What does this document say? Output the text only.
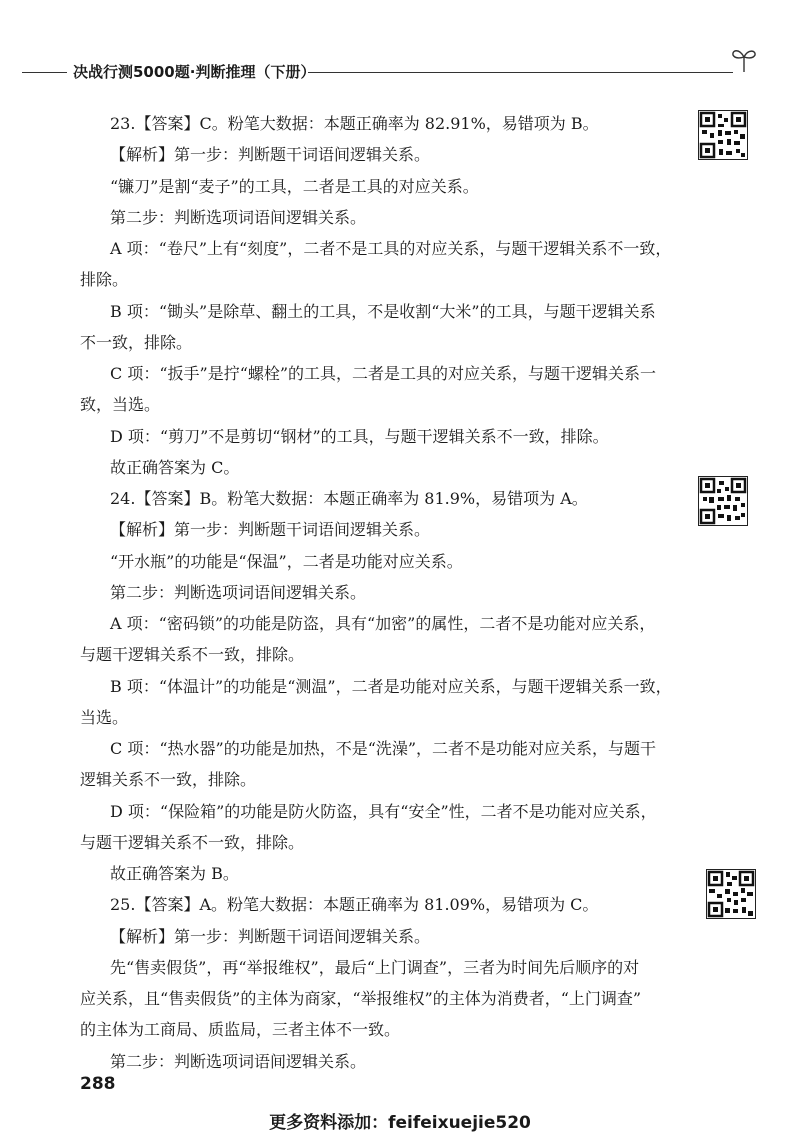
决战行测5000题·判断推理（下册）
23.【答案】C。粉笔大数据：本题正确率为 82.91%，易错项为 B。
【解析】第一步：判断题干词语间逻辑关系。
“镰刀”是割“麦子”的工具，二者是工具的对应关系。
第二步：判断选项词语间逻辑关系。
A 项：“卷尺”上有“刻度”，二者不是工具的对应关系，与题干逻辑关系不一致，
排除。
B 项：“锄头”是除草、翻土的工具，不是收割“大米”的工具，与题干逻辑关系
不一致，排除。
C 项：“扳手”是拧“螺栓”的工具，二者是工具的对应关系，与题干逻辑关系一
致，当选。
D 项：“剪刀”不是剪切“钢材”的工具，与题干逻辑关系不一致，排除。
故正确答案为 C。
24.【答案】B。粉笔大数据：本题正确率为 81.9%，易错项为 A。
【解析】第一步：判断题干词语间逻辑关系。
“开水瓶”的功能是“保温”，二者是功能对应关系。
第二步：判断选项词语间逻辑关系。
A 项：“密码锁”的功能是防盗，具有“加密”的属性，二者不是功能对应关系，
与题干逻辑关系不一致，排除。
B 项：“体温计”的功能是“测温”，二者是功能对应关系，与题干逻辑关系一致，
当选。
C 项：“热水器”的功能是加热，不是“洗澡”，二者不是功能对应关系，与题干
逻辑关系不一致，排除。
D 项：“保险箱”的功能是防火防盗，具有“安全”性，二者不是功能对应关系，
与题干逻辑关系不一致，排除。
故正确答案为 B。
25.【答案】A。粉笔大数据：本题正确率为 81.09%，易错项为 C。
【解析】第一步：判断题干词语间逻辑关系。
先“售卖假货”，再“举报维权”，最后“上门调查”，三者为时间先后顺序的对
应关系，且“售卖假货”的主体为商家，“举报维权”的主体为消费者，“上门调查”
的主体为工商局、质监局，三者主体不一致。
第二步：判断选项词语间逻辑关系。
288
更多资料添加：feifeixuejie520
